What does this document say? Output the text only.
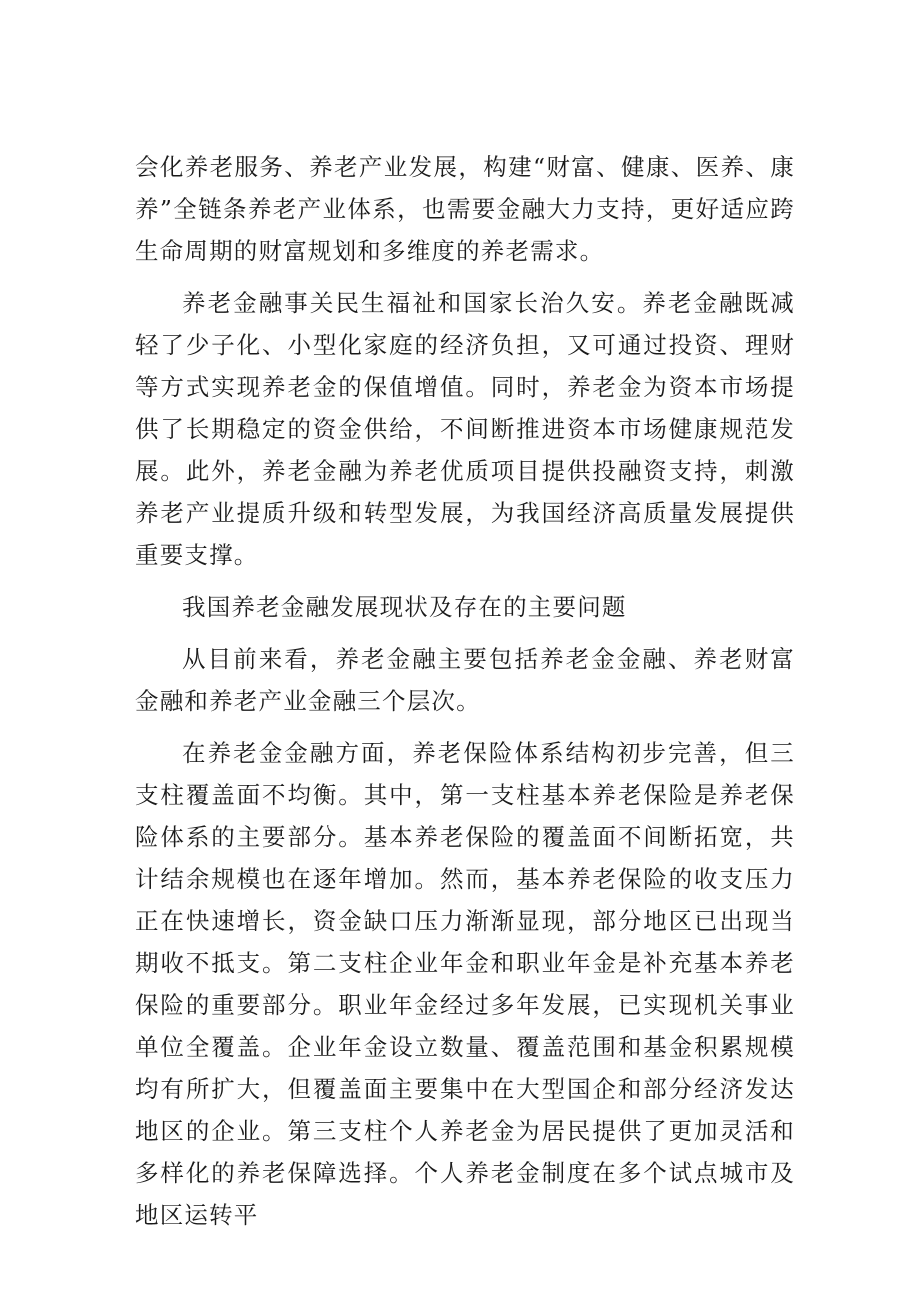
会化养老服务、养老产业发展，构建“财富、健康、医养、康养”全链条养老产业体系，也需要金融大力支持，更好适应跨生命周期的财富规划和多维度的养老需求。

养老金融事关民生福祉和国家长治久安。养老金融既减轻了少子化、小型化家庭的经济负担，又可通过投资、理财等方式实现养老金的保值增值。同时，养老金为资本市场提供了长期稳定的资金供给，不间断推进资本市场健康规范发展。此外，养老金融为养老优质项目提供投融资支持，刺激养老产业提质升级和转型发展，为我国经济高质量发展提供重要支撑。

我国养老金融发展现状及存在的主要问题

从目前来看，养老金融主要包括养老金金融、养老财富金融和养老产业金融三个层次。

在养老金金融方面，养老保险体系结构初步完善，但三支柱覆盖面不均衡。其中，第一支柱基本养老保险是养老保险体系的主要部分。基本养老保险的覆盖面不间断拓宽，共计结余规模也在逐年增加。然而，基本养老保险的收支压力正在快速增长，资金缺口压力渐渐显现，部分地区已出现当期收不抵支。第二支柱企业年金和职业年金是补充基本养老保险的重要部分。职业年金经过多年发展，已实现机关事业单位全覆盖。企业年金设立数量、覆盖范围和基金积累规模均有所扩大，但覆盖面主要集中在大型国企和部分经济发达地区的企业。第三支柱个人养老金为居民提供了更加灵活和多样化的养老保障选择。个人养老金制度在多个试点城市及地区运转平
